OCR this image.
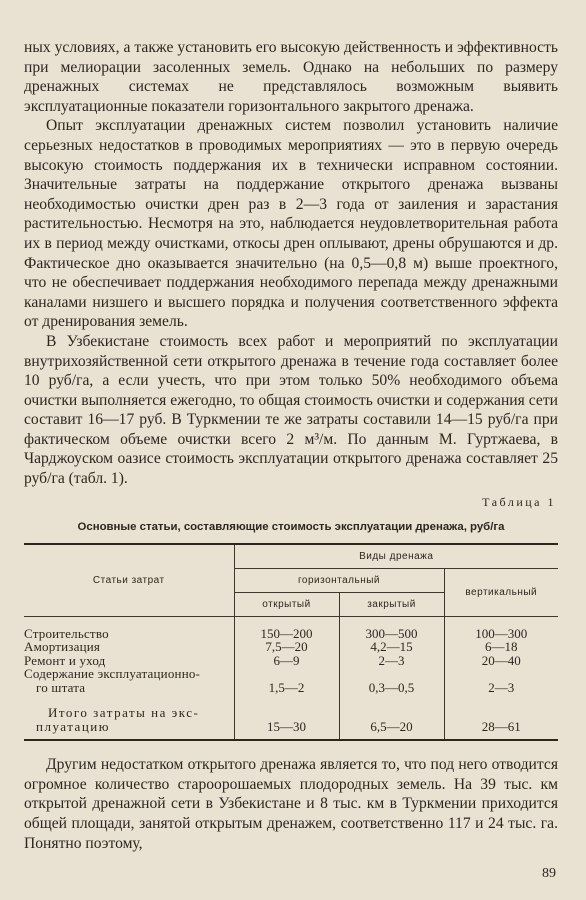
ных условиях, а также установить его высокую действенность и эффективность при мелиорации засоленных земель. Однако на небольших по размеру дренажных системах не представлялось возможным выявить эксплуатационные показатели горизонтального закрытого дренажа.

Опыт эксплуатации дренажных систем позволил установить наличие серьезных недостатков в проводимых мероприятиях — это в первую очередь высокую стоимость поддержания их в технически исправном состоянии. Значительные затраты на поддержание открытого дренажа вызваны необходимостью очистки дрен раз в 2—3 года от заиления и зарастания растительностью. Несмотря на это, наблюдается неудовлетворительная работа их в период между очистками, откосы дрен оплывают, дрены обрушаются и др. Фактическое дно оказывается значительно (на 0,5—0,8 м) выше проектного, что не обеспечивает поддержания необходимого перепада между дренажными каналами низшего и высшего порядка и получения соответственного эффекта от дренирования земель.

В Узбекистане стоимость всех работ и мероприятий по эксплуатации внутрихозяйственной сети открытого дренажа в течение года составляет более 10 руб/га, а если учесть, что при этом только 50% необходимого объема очистки выполняется ежегодно, то общая стоимость очистки и содержания сети составит 16—17 руб. В Туркмении те же затраты составили 14—15 руб/га при фактическом объеме очистки всего 2 м³/м. По данным М. Гуртжаева, в Чарджоуском оазисе стоимость эксплуатации открытого дренажа составляет 25 руб/га (табл. 1).

Таблица 1
Основные статьи, составляющие стоимость эксплуатации дренажа, руб/га
Статьи затрат	Виды дренажа		
	горизонтальный		вертикальный
	открытый	закрытый	
Строительство	150—200	300—500	100—300
Амортизация	7,5—20	4,2—15	6—18
Ремонт и уход	6—9	2—3	20—40
Содержание эксплуатационно-			
го штата	1,5—2	0,3—0,5	2—3

Итого затраты на экс-
плуатацию	15—30	6,5—20	28—61

Другим недостатком открытого дренажа является то, что под него отводится огромное количество староорошаемых плодородных земель. На 39 тыс. км открытой дренажной сети в Узбекистане и 8 тыс. км в Туркмении приходится общей площади, занятой открытым дренажем, соответственно 117 и 24 тыс. га. Понятно поэтому,

89
